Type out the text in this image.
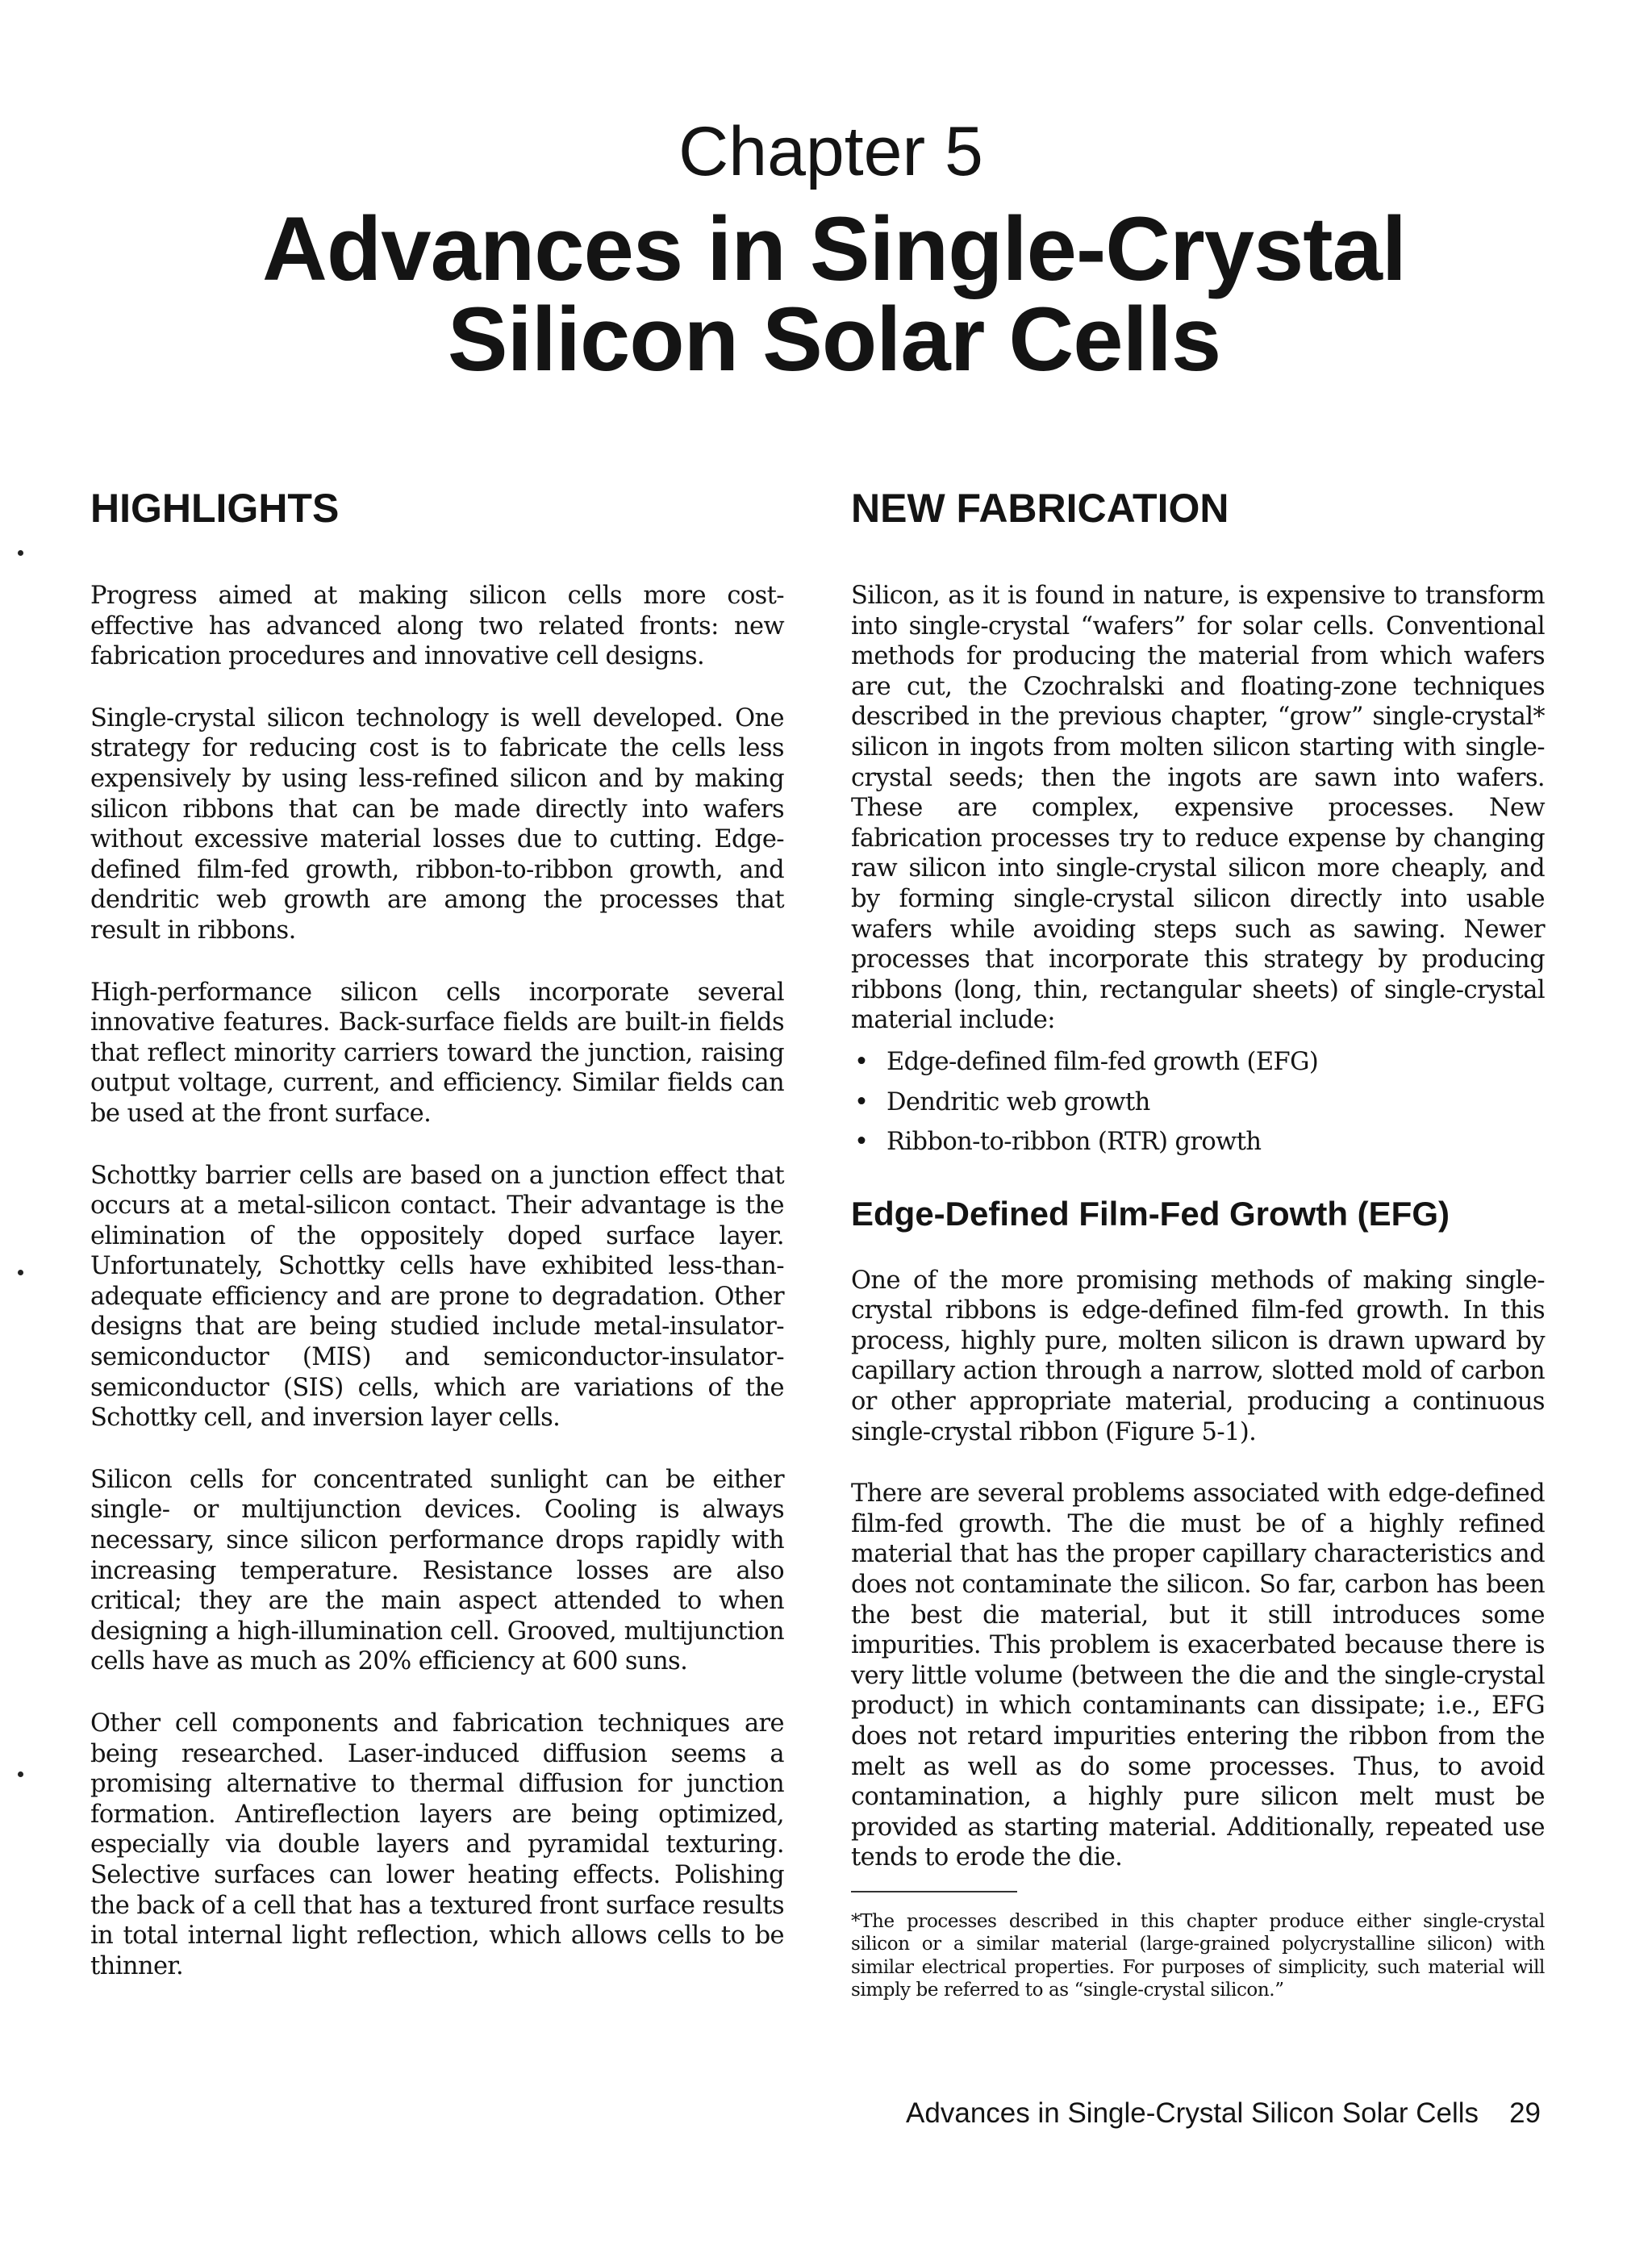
Chapter 5
Advances in Single-Crystal
Silicon Solar Cells
HIGHLIGHTS

Progress aimed at making silicon cells more cost-effective has advanced along two related fronts: new fabrication procedures and innovative cell designs.

Single-crystal silicon technology is well developed. One strategy for reducing cost is to fabricate the cells less expensively by using less-refined silicon and by making silicon ribbons that can be made directly into wafers without excessive material losses due to cutting. Edge-defined film-fed growth, ribbon-to-ribbon growth, and dendritic web growth are among the processes that result in ribbons.

High-performance silicon cells incorporate several innovative features. Back-surface fields are built-in fields that reflect minority carriers toward the junction, raising output voltage, current, and efficiency. Similar fields can be used at the front surface.

Schottky barrier cells are based on a junction effect that occurs at a metal-silicon contact. Their advantage is the elimination of the oppositely doped surface layer. Unfortunately, Schottky cells have exhibited less-than-adequate efficiency and are prone to degradation. Other designs that are being studied include metal-insulator-semiconductor (MIS) and semiconductor-insulator-semiconductor (SIS) cells, which are variations of the Schottky cell, and inversion layer cells.

Silicon cells for concentrated sunlight can be either single- or multijunction devices. Cooling is always necessary, since silicon performance drops rapidly with increasing temperature. Resistance losses are also critical; they are the main aspect attended to when designing a high-illumination cell. Grooved, multijunction cells have as much as 20% efficiency at 600 suns.

Other cell components and fabrication techniques are being researched. Laser-induced diffusion seems a promising alternative to thermal diffusion for junction formation. Antireflection layers are being optimized, especially via double layers and pyramidal texturing. Selective surfaces can lower heating effects. Polishing the back of a cell that has a textured front surface results in total internal light reflection, which allows cells to be thinner.

NEW FABRICATION

Silicon, as it is found in nature, is expensive to transform into single-crystal “wafers” for solar cells. Conventional methods for producing the material from which wafers are cut, the Czochralski and floating-zone techniques described in the previous chapter, “grow” single-crystal* silicon in ingots from molten silicon starting with single-crystal seeds; then the ingots are sawn into wafers. These are complex, expensive processes. New fabrication processes try to reduce expense by changing raw silicon into single-crystal silicon more cheaply, and by forming single-crystal silicon directly into usable wafers while avoiding steps such as sawing. Newer processes that incorporate this strategy by producing ribbons (long, thin, rectangular sheets) of single-crystal material include:

• Edge-defined film-fed growth (EFG)
• Dendritic web growth
• Ribbon-to-ribbon (RTR) growth
Edge-Defined Film-Fed Growth (EFG)

One of the more promising methods of making single-crystal ribbons is edge-defined film-fed growth. In this process, highly pure, molten silicon is drawn upward by capillary action through a narrow, slotted mold of carbon or other appropriate material, producing a continuous single-crystal ribbon (Figure 5-1).

There are several problems associated with edge-defined film-fed growth. The die must be of a highly refined material that has the proper capillary characteristics and does not contaminate the silicon. So far, carbon has been the best die material, but it still introduces some impurities. This problem is exacerbated because there is very little volume (between the die and the single-crystal product) in which contaminants can dissipate; i.e., EFG does not retard impurities entering the ribbon from the melt as well as do some processes. Thus, to avoid contamination, a highly pure silicon melt must be provided as starting material. Additionally, repeated use tends to erode the die.

*The processes described in this chapter produce either single-crystal silicon or a similar material (large-grained polycrystalline silicon) with similar electrical properties. For purposes of simplicity, such material will simply be referred to as “single-crystal silicon.”

Advances in Single-Crystal Silicon Solar Cells 29
